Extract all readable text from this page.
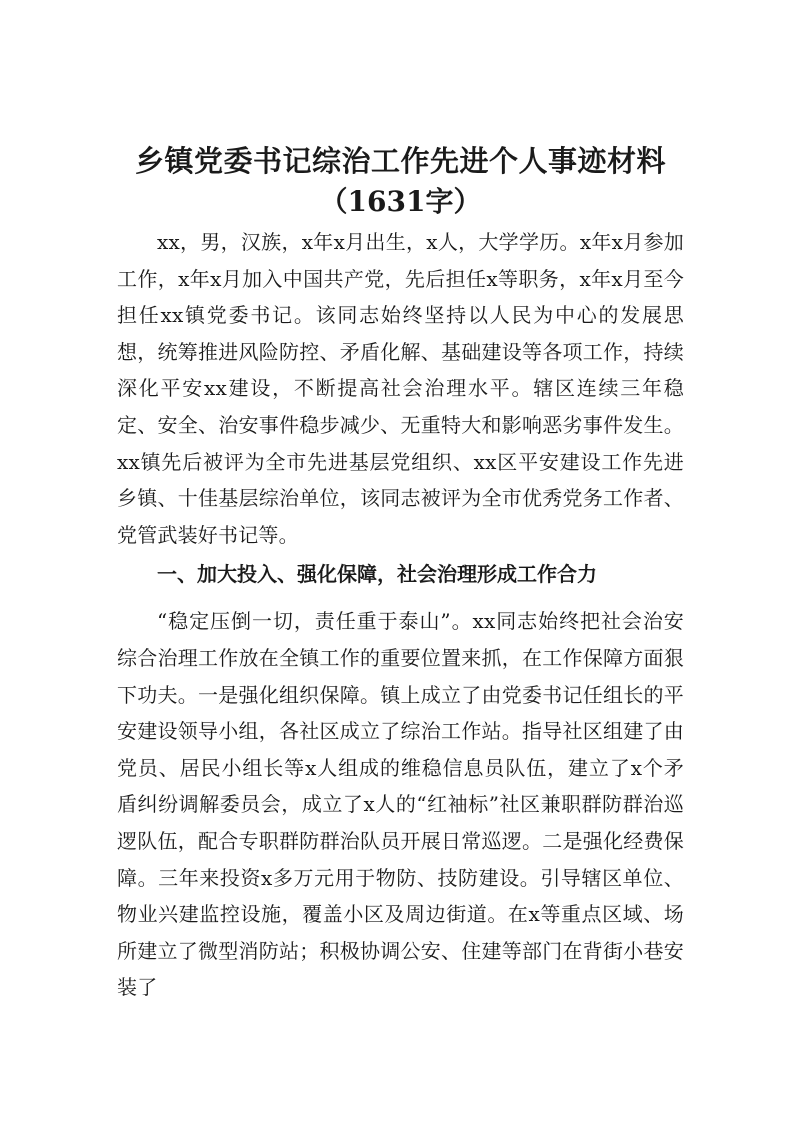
乡镇党委书记综治工作先进个人事迹材料
（1631字）

xx，男，汉族，x年x月出生，x人，大学学历。x年x月参加工作，x年x月加入中国共产党，先后担任x等职务，x年x月至今担任xx镇党委书记。该同志始终坚持以人民为中心的发展思想，统筹推进风险防控、矛盾化解、基础建设等各项工作，持续深化平安xx建设，不断提高社会治理水平。辖区连续三年稳定、安全、治安事件稳步减少、无重特大和影响恶劣事件发生。xx镇先后被评为全市先进基层党组织、xx区平安建设工作先进乡镇、十佳基层综治单位，该同志被评为全市优秀党务工作者、党管武装好书记等。

一、加大投入、强化保障，社会治理形成工作合力

“稳定压倒一切，责任重于泰山”。xx同志始终把社会治安综合治理工作放在全镇工作的重要位置来抓，在工作保障方面狠下功夫。一是强化组织保障。镇上成立了由党委书记任组长的平安建设领导小组，各社区成立了综治工作站。指导社区组建了由党员、居民小组长等x人组成的维稳信息员队伍，建立了x个矛盾纠纷调解委员会，成立了x人的“红袖标”社区兼职群防群治巡逻队伍，配合专职群防群治队员开展日常巡逻。二是强化经费保障。三年来投资x多万元用于物防、技防建设。引导辖区单位、物业兴建监控设施，覆盖小区及周边街道。在x等重点区域、场所建立了微型消防站；积极协调公安、住建等部门在背街小巷安装了
